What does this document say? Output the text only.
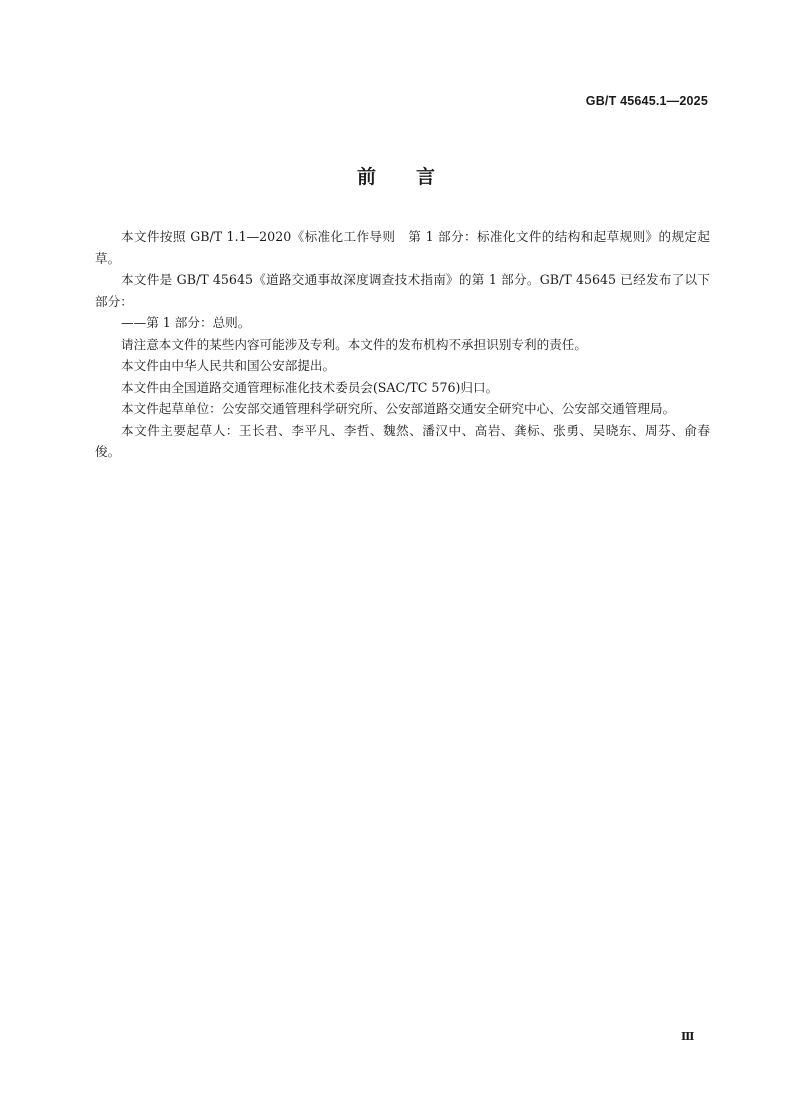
GB/T 45645.1—2025
前 言

本文件按照 GB/T 1.1—2020《标准化工作导则　第 1 部分：标准化文件的结构和起草规则》的规定起草。

本文件是 GB/T 45645《道路交通事故深度调查技术指南》的第 1 部分。GB/T 45645 已经发布了以下部分：

——第 1 部分：总则。

请注意本文件的某些内容可能涉及专利。本文件的发布机构不承担识别专利的责任。

本文件由中华人民共和国公安部提出。

本文件由全国道路交通管理标准化技术委员会(SAC/TC 576)归口。

本文件起草单位：公安部交通管理科学研究所、公安部道路交通安全研究中心、公安部交通管理局。

本文件主要起草人：王长君、李平凡、李哲、魏然、潘汉中、高岩、龚标、张勇、吴晓东、周芬、俞春俊。

Ⅲ
